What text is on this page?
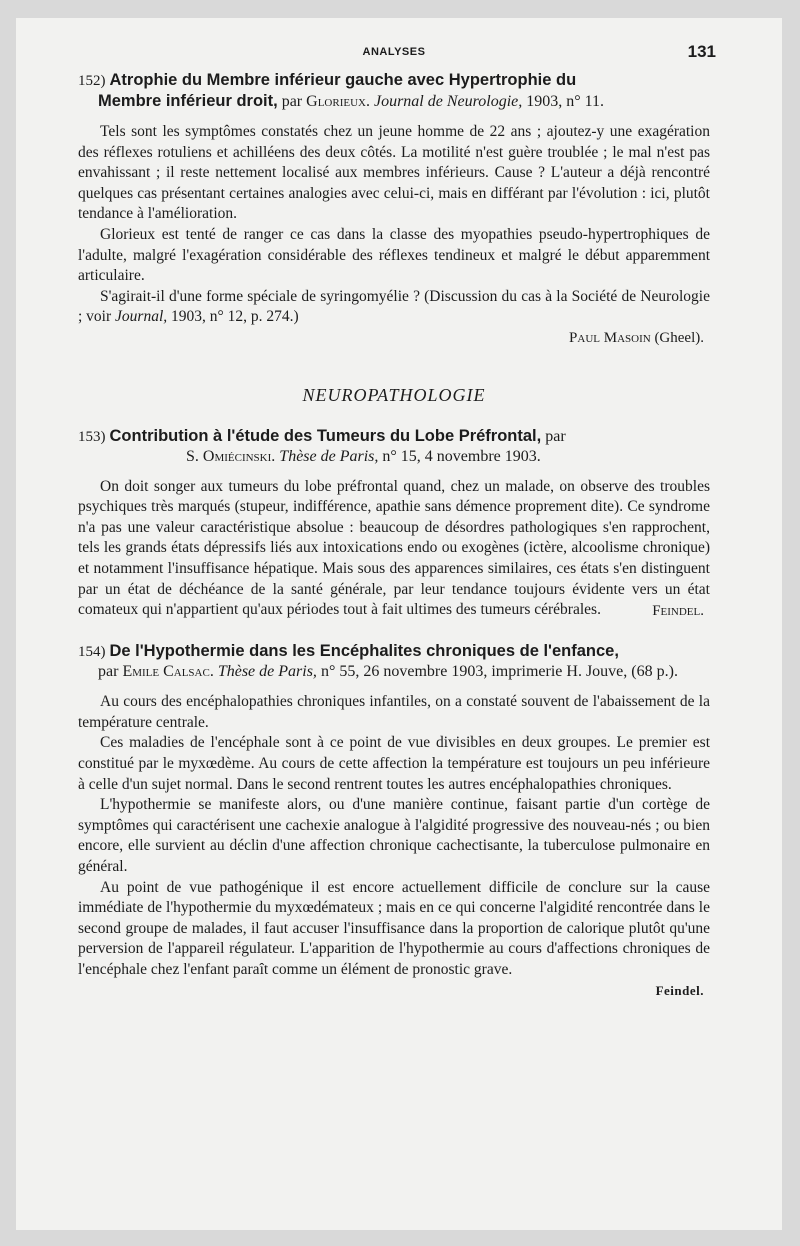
ANALYSES	131
152) Atrophie du Membre inférieur gauche avec Hypertrophie du
Membre inférieur droit, par Glorieux. Journal de Neurologie, 1903, n° 11.

Tels sont les symptômes constatés chez un jeune homme de 22 ans ; ajoutez-y une exagération des réflexes rotuliens et achilléens des deux côtés. La motilité n'est guère troublée ; le mal n'est pas envahissant ; il reste nettement localisé aux membres inférieurs. Cause ? L'auteur a déjà rencontré quelques cas présentant certaines analogies avec celui-ci, mais en différant par l'évolution : ici, plutôt tendance à l'amélioration.

Glorieux est tenté de ranger ce cas dans la classe des myopathies pseudo-hypertrophiques de l'adulte, malgré l'exagération considérable des réflexes tendineux et malgré le début apparemment articulaire.

S'agirait-il d'une forme spéciale de syringomyélie ? (Discussion du cas à la Société de Neurologie ; voir Journal, 1903, n° 12, p. 274.)

Paul Masoin (Gheel).

NEUROPATHOLOGIE
153) Contribution à l'étude des Tumeurs du Lobe Préfrontal, par
S. Omiécinski. Thèse de Paris, n° 15, 4 novembre 1903.

On doit songer aux tumeurs du lobe préfrontal quand, chez un malade, on observe des troubles psychiques très marqués (stupeur, indifférence, apathie sans démence proprement dite). Ce syndrome n'a pas une valeur caractéristique absolue : beaucoup de désordres pathologiques s'en rapprochent, tels les grands états dépressifs liés aux intoxications endo ou exogènes (ictère, alcoolisme chronique) et notamment l'insuffisance hépatique. Mais sous des apparences similaires, ces états s'en distinguent par un état de déchéance de la santé générale, par leur tendance toujours évidente vers un état comateux qui n'appartient qu'aux périodes tout à fait ultimes des tumeurs cérébrales.	Feindel.

154) De l'Hypothermie dans les Encéphalites chroniques de l'enfance,
par Emile Calsac. Thèse de Paris, n° 55, 26 novembre 1903, imprimerie H. Jouve, (68 p.).

Au cours des encéphalopathies chroniques infantiles, on a constaté souvent de l'abaissement de la température centrale.

Ces maladies de l'encéphale sont à ce point de vue divisibles en deux groupes. Le premier est constitué par le myxœdème. Au cours de cette affection la température est toujours un peu inférieure à celle d'un sujet normal. Dans le second rentrent toutes les autres encéphalopathies chroniques.

L'hypothermie se manifeste alors, ou d'une manière continue, faisant partie d'un cortège de symptômes qui caractérisent une cachexie analogue à l'algidité progressive des nouveau-nés ; ou bien encore, elle survient au déclin d'une affection chronique cachectisante, la tuberculose pulmonaire en général.

Au point de vue pathogénique il est encore actuellement difficile de conclure sur la cause immédiate de l'hypothermie du myxœdémateux ; mais en ce qui concerne l'algidité rencontrée dans le second groupe de malades, il faut accuser l'insuffisance dans la proportion de calorique plutôt qu'une perversion de l'appareil régulateur. L'apparition de l'hypothermie au cours d'affections chroniques de l'encéphale chez l'enfant paraît comme un élément de pronostic grave.

Feindel.
